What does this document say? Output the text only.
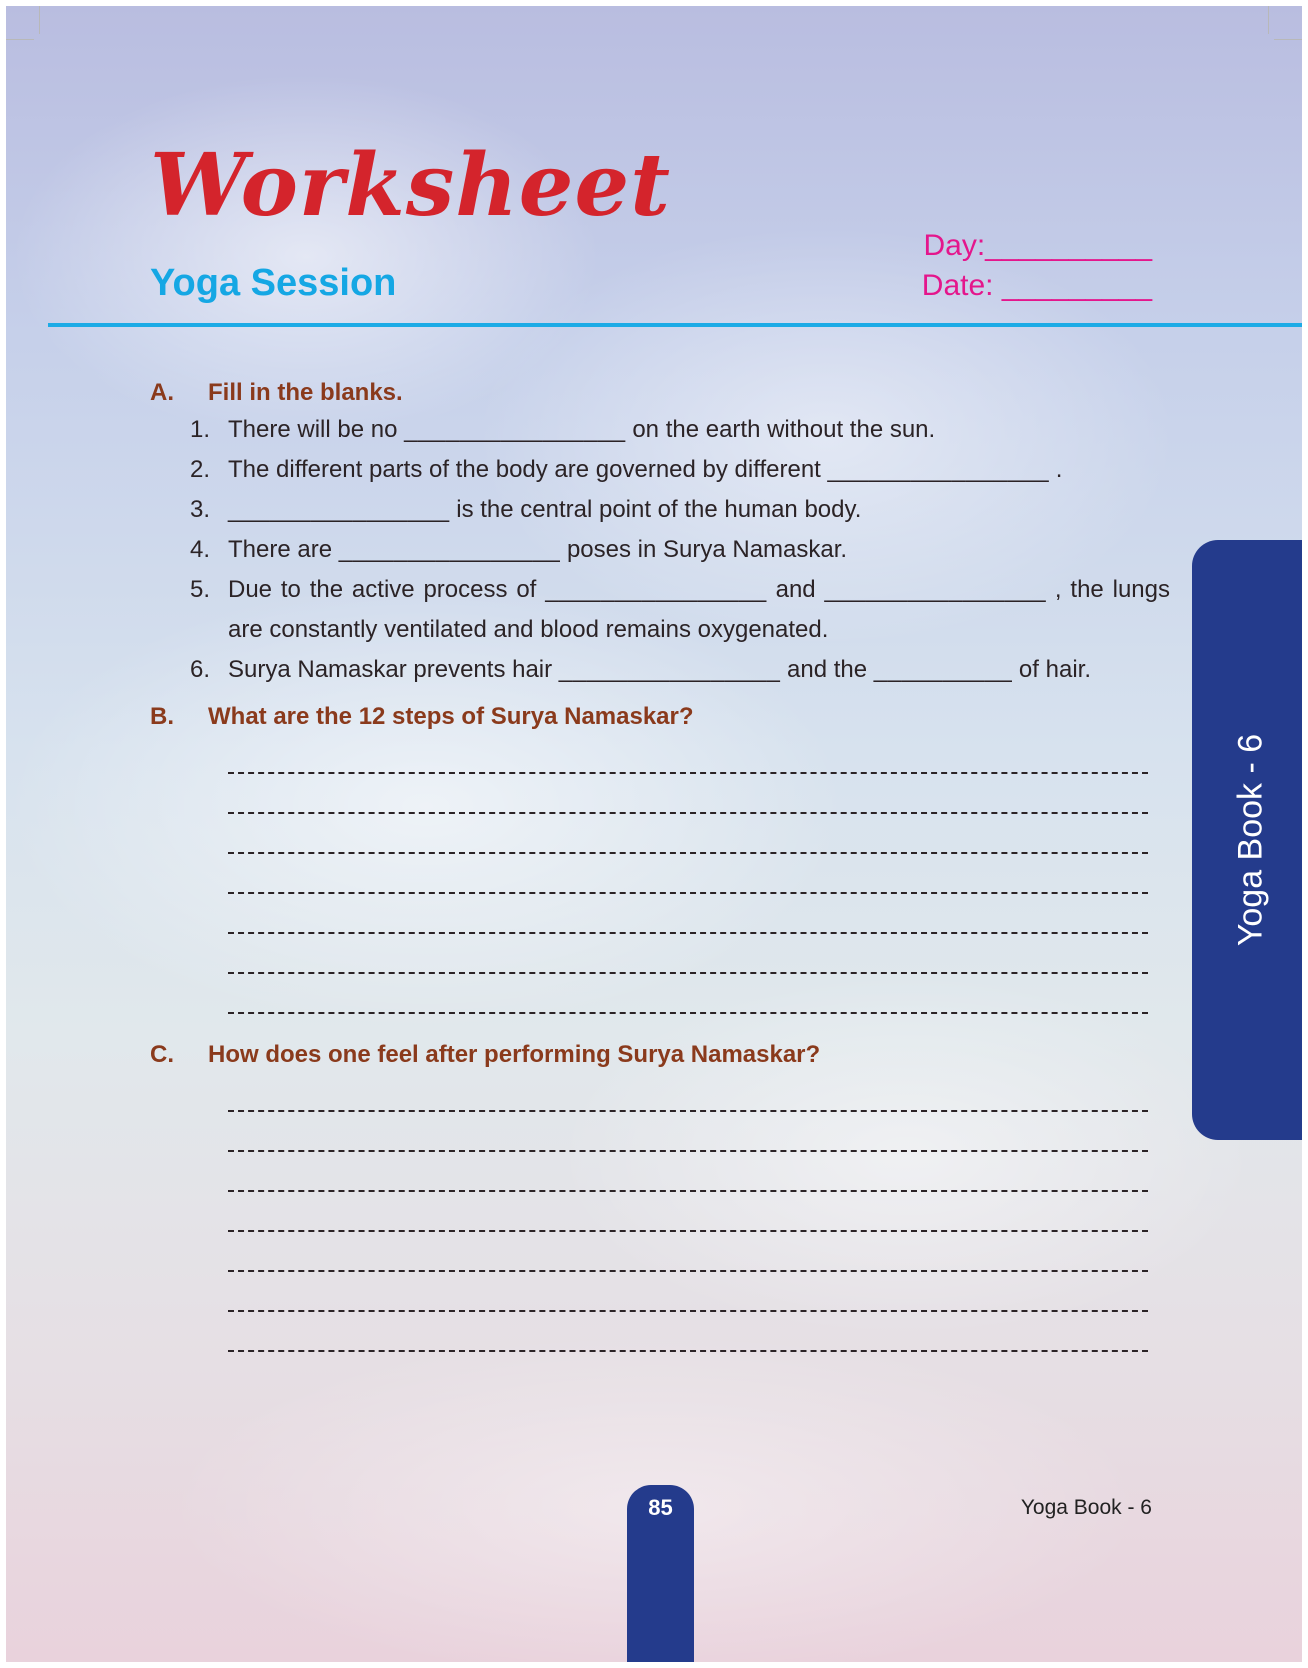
Worksheet
Yoga Session
Day:__________
Date: _________
A.	Fill in the blanks.
1. There will be no ________________ on the earth without the sun.
2. The different parts of the body are governed by different ________________ .
3. ________________ is the central point of the human body.
4. There are ________________ poses in Surya Namaskar.
5. Due to the active process of ________________ and ________________ , the lungs are constantly ventilated and blood remains oxygenated.
6. Surya Namaskar prevents hair ________________ and the __________ of hair.
B.	What are the 12 steps of Surya Namaskar?
C.	How does one feel after performing Surya Namaskar?
Yoga Book - 6
85	Yoga Book - 6
